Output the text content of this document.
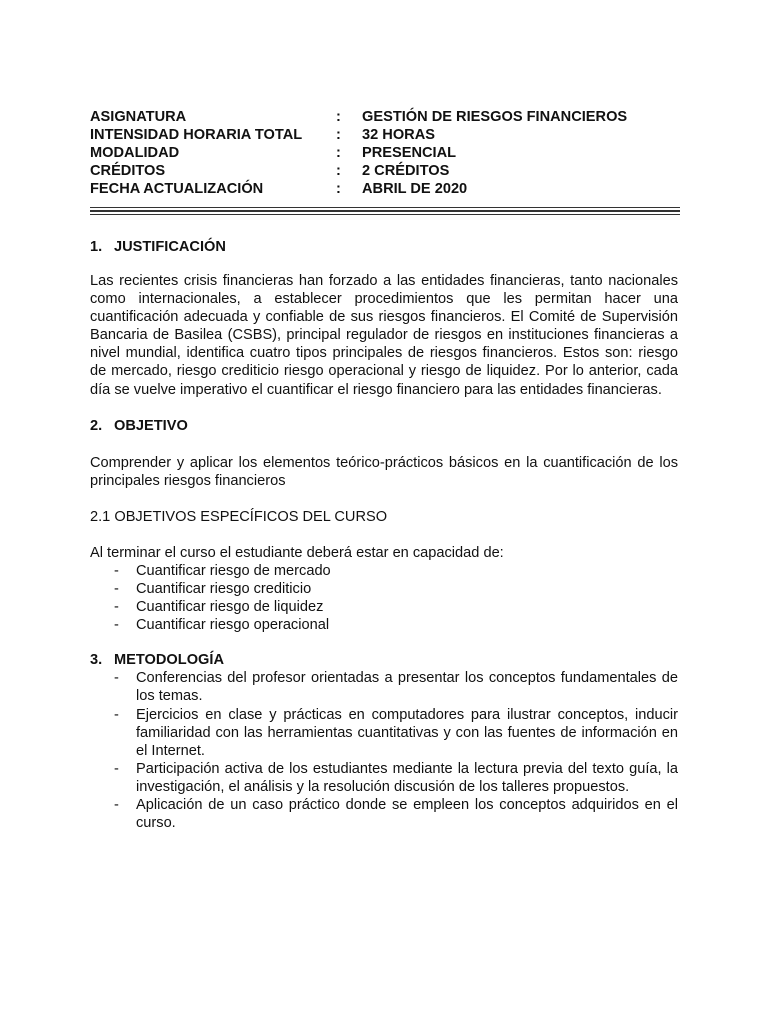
ASIGNATURA	:	GESTIÓN DE RIESGOS FINANCIEROS
INTENSIDAD HORARIA TOTAL	:	32 HORAS
MODALIDAD	:	PRESENCIAL
CRÉDITOS	:	2 CRÉDITOS
FECHA ACTUALIZACIÓN	:	ABRIL DE 2020
1. JUSTIFICACIÓN

Las recientes crisis financieras han forzado a las entidades financieras, tanto nacionales como internacionales, a establecer procedimientos que les permitan hacer una cuantificación adecuada y confiable de sus riesgos financieros. El Comité de Supervisión Bancaria de Basilea (CSBS), principal regulador de riesgos en instituciones financieras a nivel mundial, identifica cuatro tipos principales de riesgos financieros. Estos son: riesgo de mercado, riesgo crediticio riesgo operacional y riesgo de liquidez. Por lo anterior, cada día se vuelve imperativo el cuantificar el riesgo financiero para las entidades financieras.

2. OBJETIVO

Comprender y aplicar los elementos teórico-prácticos básicos en la cuantificación de los principales riesgos financieros

2.1 OBJETIVOS ESPECÍFICOS DEL CURSO

Al terminar el curso el estudiante deberá estar en capacidad de:

- Cuantificar riesgo de mercado
- Cuantificar riesgo crediticio
- Cuantificar riesgo de liquidez
- Cuantificar riesgo operacional
3. METODOLOGÍA
- Conferencias del profesor orientadas a presentar los conceptos fundamentales de los temas.
- Ejercicios en clase y prácticas en computadores para ilustrar conceptos, inducir familiaridad con las herramientas cuantitativas y con las fuentes de información en el Internet.
- Participación activa de los estudiantes mediante la lectura previa del texto guía, la investigación, el análisis y la resolución discusión de los talleres propuestos.
- Aplicación de un caso práctico donde se empleen los conceptos adquiridos en el curso.
